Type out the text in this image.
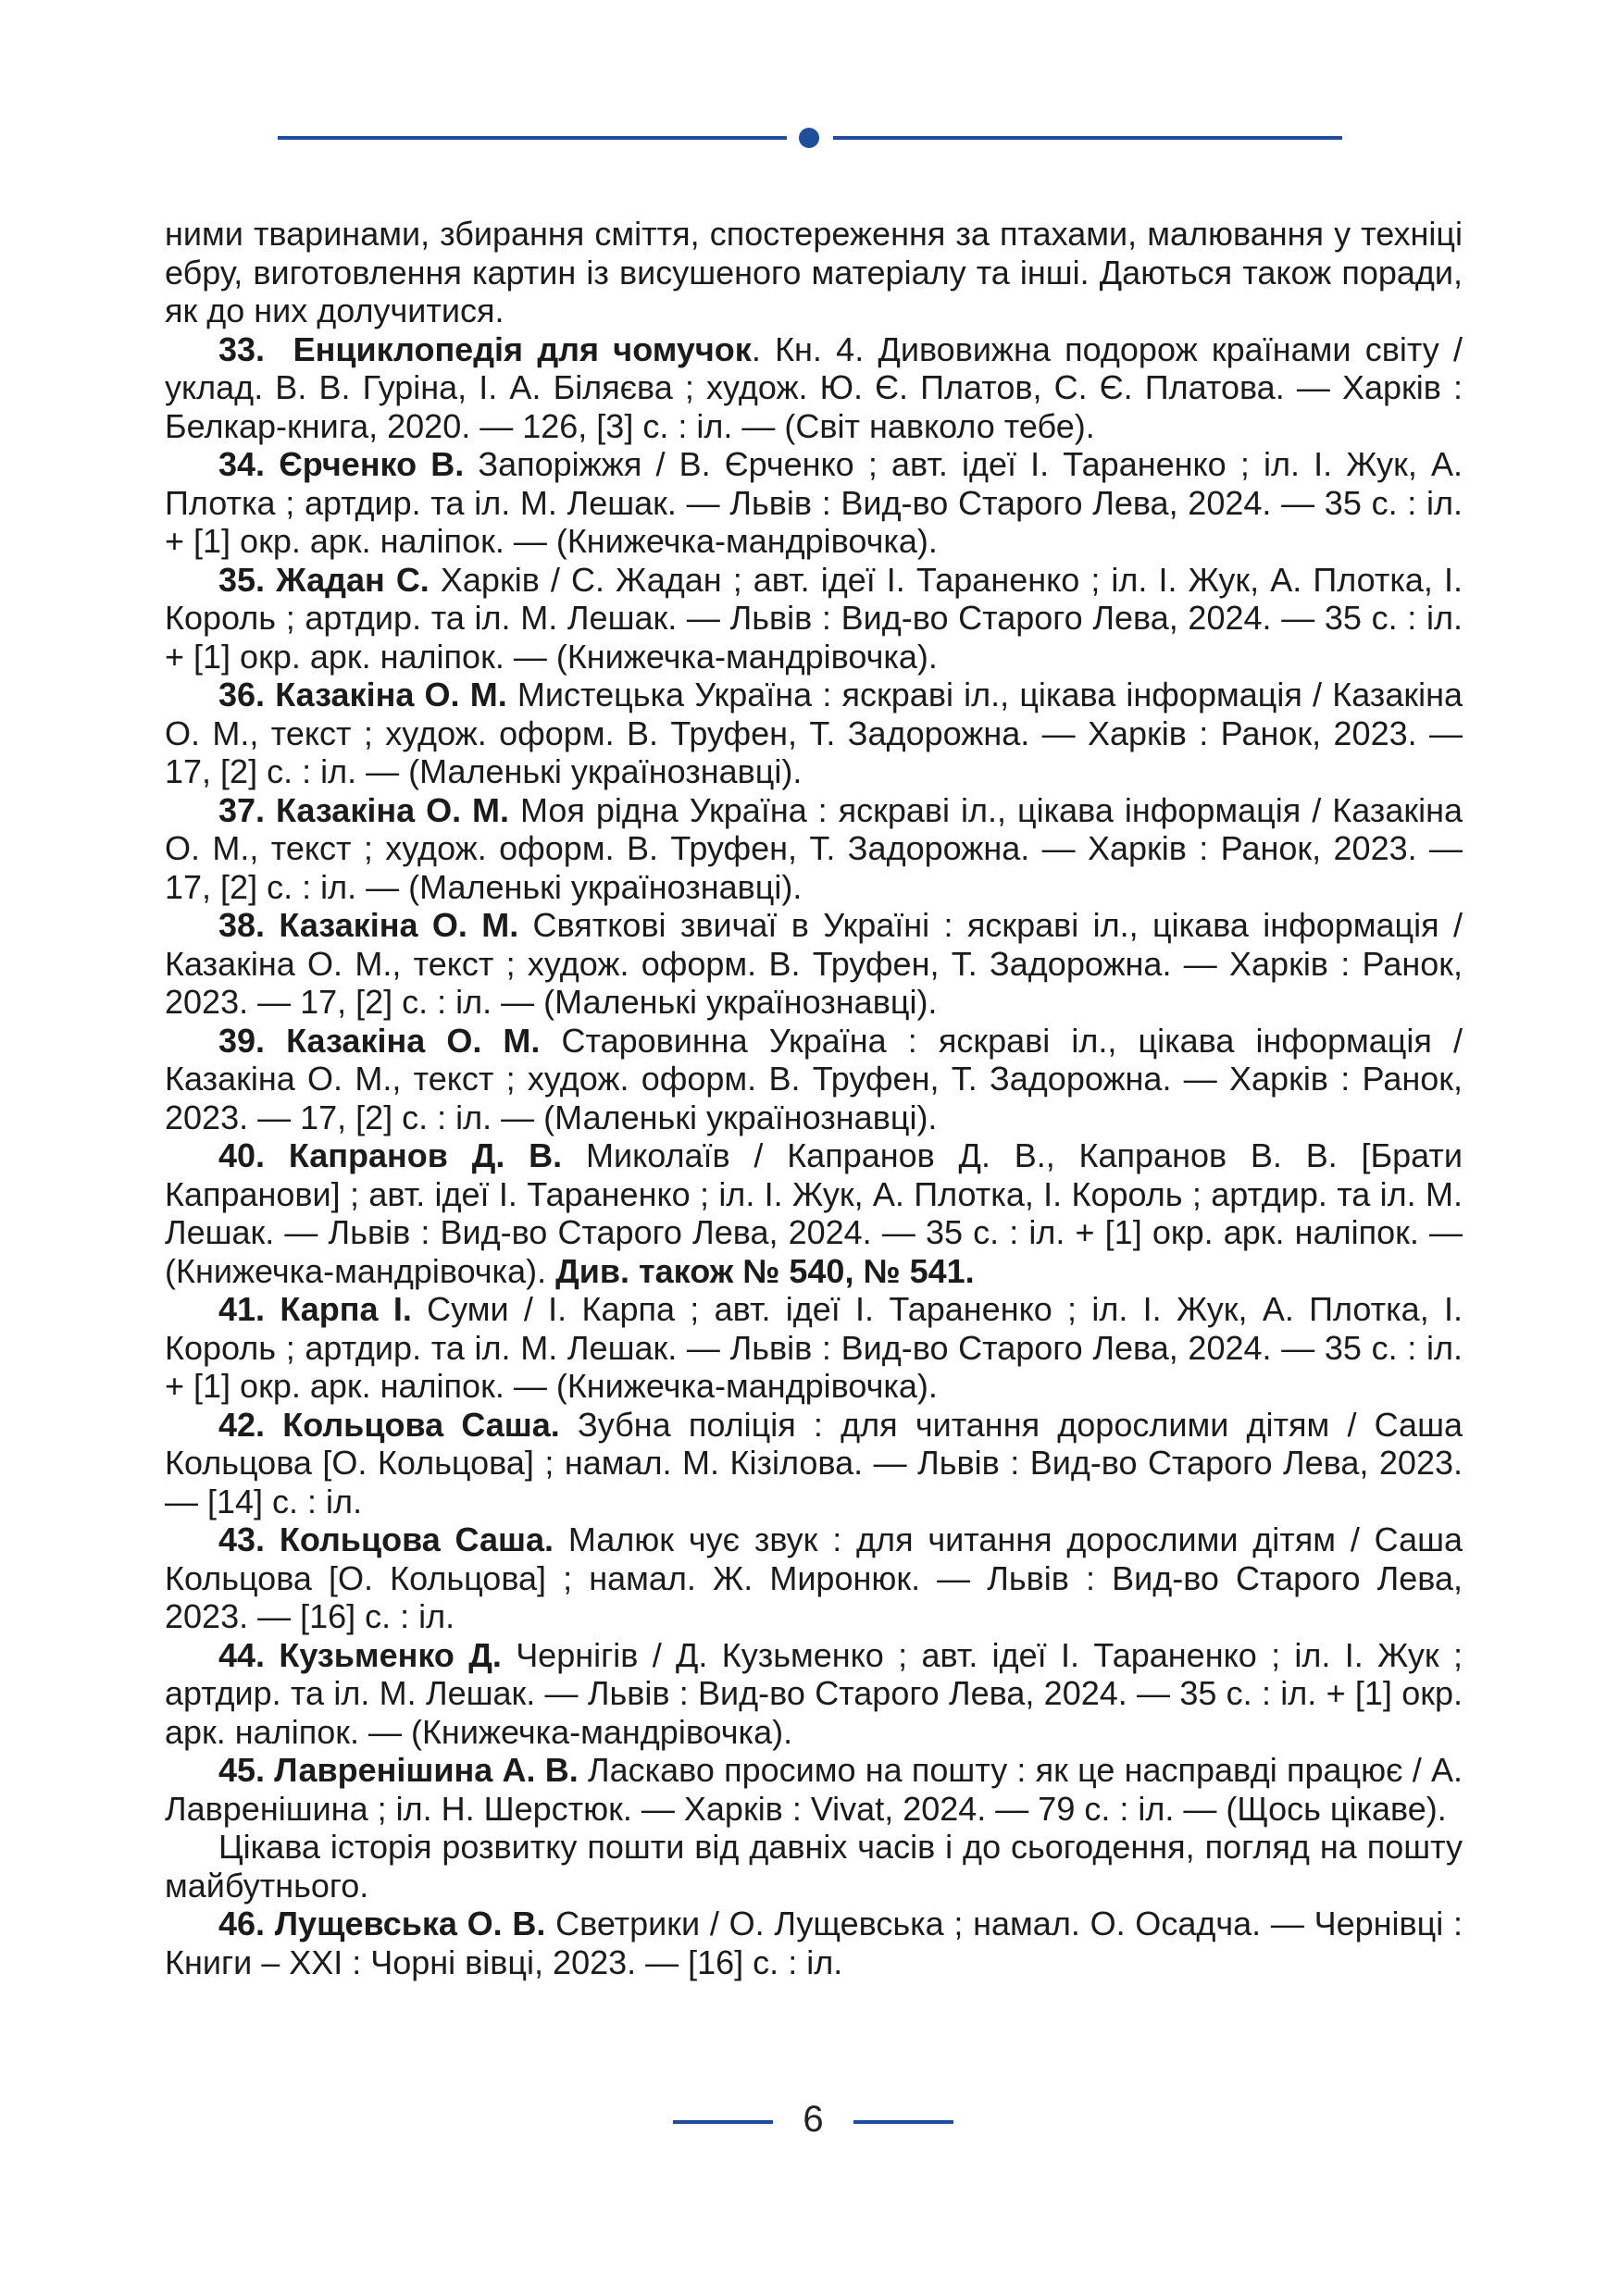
ними тваринами, збирання сміття, спостереження за птахами, малювання у техніці ебру, виготовлення картин із висушеного матеріалу та інші. Даються також поради, як до них долучитися.

33. Енциклопедія для чомучок. Кн. 4. Дивовижна подорож країнами світу / уклад. В. В. Гуріна, І. А. Біляєва ; худож. Ю. Є. Платов, С. Є. Платова. — Харків : Белкар-книга, 2020. — 126, [3] с. : іл. — (Світ навколо тебе).

34. Єрченко В. Запоріжжя / В. Єрченко ; авт. ідеї І. Тараненко ; іл. І. Жук, А. Плотка ; артдир. та іл. М. Лешак. — Львів : Вид-во Старого Лева, 2024. — 35 с. : іл. + [1] окр. арк. наліпок. — (Книжечка-мандрівочка).

35. Жадан С. Харків / С. Жадан ; авт. ідеї І. Тараненко ; іл. І. Жук, А. Плотка, І. Король ; артдир. та іл. М. Лешак. — Львів : Вид-во Старого Лева, 2024. — 35 с. : іл. + [1] окр. арк. наліпок. — (Книжечка-мандрівочка).

36. Казакіна О. М. Мистецька Україна : яскраві іл., цікава інформація / Казакіна О. М., текст ; худож. оформ. В. Труфен, Т. Задорожна. — Харків : Ранок, 2023. — 17, [2] с. : іл. — (Маленькі українознавці).

37. Казакіна О. М. Моя рідна Україна : яскраві іл., цікава інформація / Казакіна О. М., текст ; худож. оформ. В. Труфен, Т. Задорожна. — Харків : Ранок, 2023. — 17, [2] с. : іл. — (Маленькі українознавці).

38. Казакіна О. М. Святкові звичаї в Україні : яскраві іл., цікава інформація / Казакіна О. М., текст ; худож. оформ. В. Труфен, Т. Задорожна. — Харків : Ранок, 2023. — 17, [2] с. : іл. — (Маленькі українознавці).

39. Казакіна О. М. Старовинна Україна : яскраві іл., цікава інформація / Казакіна О. М., текст ; худож. оформ. В. Труфен, Т. Задорожна. — Харків : Ранок, 2023. — 17, [2] с. : іл. — (Маленькі українознавці).

40. Капранов Д. В. Миколаїв / Капранов Д. В., Капранов В. В. [Брати Капранови] ; авт. ідеї І. Тараненко ; іл. І. Жук, А. Плотка, І. Король ; артдир. та іл. М. Лешак. — Львів : Вид-во Старого Лева, 2024. — 35 с. : іл. + [1] окр. арк. наліпок. — (Книжечка-мандрівочка). Див. також № 540, № 541.

41. Карпа І. Суми / І. Карпа ; авт. ідеї І. Тараненко ; іл. І. Жук, А. Плотка, І. Король ; артдир. та іл. М. Лешак. — Львів : Вид-во Старого Лева, 2024. — 35 с. : іл. + [1] окр. арк. наліпок. — (Книжечка-мандрівочка).

42. Кольцова Саша. Зубна поліція : для читання дорослими дітям / Саша Кольцова [О. Кольцова] ; намал. М. Кізілова. — Львів : Вид-во Старого Лева, 2023. — [14] с. : іл.

43. Кольцова Саша. Малюк чує звук : для читання дорослими дітям / Саша Кольцова [О. Кольцова] ; намал. Ж. Миронюк. — Львів : Вид-во Старого Лева, 2023. — [16] с. : іл.

44. Кузьменко Д. Чернігів / Д. Кузьменко ; авт. ідеї І. Тараненко ; іл. І. Жук ; артдир. та іл. М. Лешак. — Львів : Вид-во Старого Лева, 2024. — 35 с. : іл. + [1] окр. арк. наліпок. — (Книжечка-мандрівочка).

45. Лавренішина А. В. Ласкаво просимо на пошту : як це насправді працює / А. Лавренішина ; іл. Н. Шерстюк. — Харків : Vivat, 2024. — 79 с. : іл. — (Щось цікаве).

Цікава історія розвитку пошти від давніх часів і до сьогодення, погляд на пошту майбутнього.

46. Лущевська О. В. Светрики / О. Лущевська ; намал. О. Осадча. — Чернівці : Книги – ХХІ : Чорні вівці, 2023. — [16] с. : іл.

6
